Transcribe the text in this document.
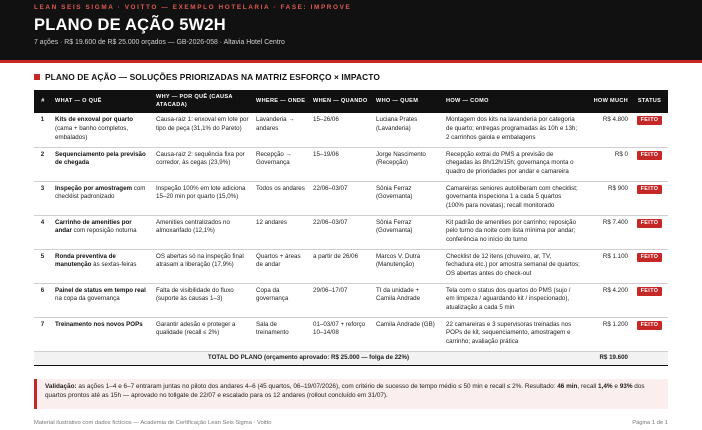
LEAN SEIS SIGMA · VOITTO — EXEMPLO HOTELARIA · FASE: IMPROVE
PLANO DE AÇÃO 5W2H
7 ações · R$ 19.600 de R$ 25.000 orçados — GB-2026-058 · Altavia Hotel Centro
PLANO DE AÇÃO — SOLUÇÕES PRIORIZADAS NA MATRIZ ESFORÇO × IMPACTO
#	WHAT — O QUÊ	WHY — POR QUÊ (CAUSA ATACADA)	WHERE — ONDE	WHEN — QUANDO	WHO — QUEM	HOW — COMO	HOW MUCH	STATUS
1	Kits de enxoval por quarto (cama + banho completos, embalados)	Causa-raiz 1: enxoval em lote por tipo de peça (31,1% do Pareto)	Lavanderia → andares	15–26/06	Luciana Prates (Lavanderia)	Montagem dos kits na lavanderia por categoria de quarto; entregas programadas às 10h e 13h; 2 carrinhos gaiola e embalagens	R$ 4.800	FEITO
2	Sequenciamento pela previsão de chegada	Causa-raiz 2: sequência fixa por corredor, às cegas (23,9%)	Recepção → Governança	15–19/06	Jorge Nascimento (Recepção)	Recepção extrai do PMS a previsão de chegadas às 8h/12h/15h; governança monta o quadro de prioridades por andar e camareira	R$ 0	FEITO
3	Inspeção por amostragem com checklist padronizado	Inspeção 100% em lote adiciona 15–20 min por quarto (15,0%)	Todos os andares	22/06–03/07	Sônia Ferraz (Governanta)	Camareiras seniores autoliberam com checklist; governanta inspeciona 1 a cada 5 quartos (100% para novatas); recall monitorado	R$ 900	FEITO
4	Carrinho de amenities por andar com reposição noturna	Amenities centralizados no almoxarifado (12,1%)	12 andares	22/06–03/07	Sônia Ferraz (Governanta)	Kit padrão de amenities por carrinho; reposição pelo turno da noite com lista mínima por andar; conferência no início do turno	R$ 7.400	FEITO
5	Ronda preventiva de manutenção às sextas-feiras	OS abertas só na inspeção final atrasam a liberação (17,9%)	Quartos + áreas de andar	a partir de 26/06	Marcos V. Dutra (Manutenção)	Checklist de 12 itens (chuveiro, ar, TV, fechadura etc.) por amostra semanal de quartos; OS abertas antes do check-out	R$ 1.100	FEITO
6	Painel de status em tempo real na copa da governança	Falta de visibilidade do fluxo (suporte às causas 1–3)	Copa da governança	29/06–17/07	TI da unidade + Camila Andrade	Tela com o status dos quartos do PMS (sujo / em limpeza / aguardando kit / inspecionado), atualização a cada 5 min	R$ 4.200	FEITO
7	Treinamento nos novos POPs	Garantir adesão e proteger a qualidade (recall ≤ 2%)	Sala de treinamento	01–03/07 + reforço 10–14/08	Camila Andrade (GB)	22 camareiras e 3 supervisoras treinadas nos POPs de kit, sequenciamento, amostragem e carrinho; avaliação prática	R$ 1.200	FEITO
TOTAL DO PLANO (orçamento aprovado: R$ 25.000 — folga de 22%)							R$ 19.600	
Validação: as ações 1–4 e 6–7 entraram juntas no piloto dos andares 4–6 (45 quartos, 06–19/07/2026), com critério de sucesso de tempo médio ≤ 50 min e recall ≤ 2%. Resultado: 46 min, recall 1,4% e 93% dos quartos prontos até as 15h — aprovado no tollgate de 22/07 e escalado para os 12 andares (rollout concluído em 31/07).
Material ilustrativo com dados fictícios — Academia de Certificação Lean Seis Sigma · Voitto	Página 1 de 1
